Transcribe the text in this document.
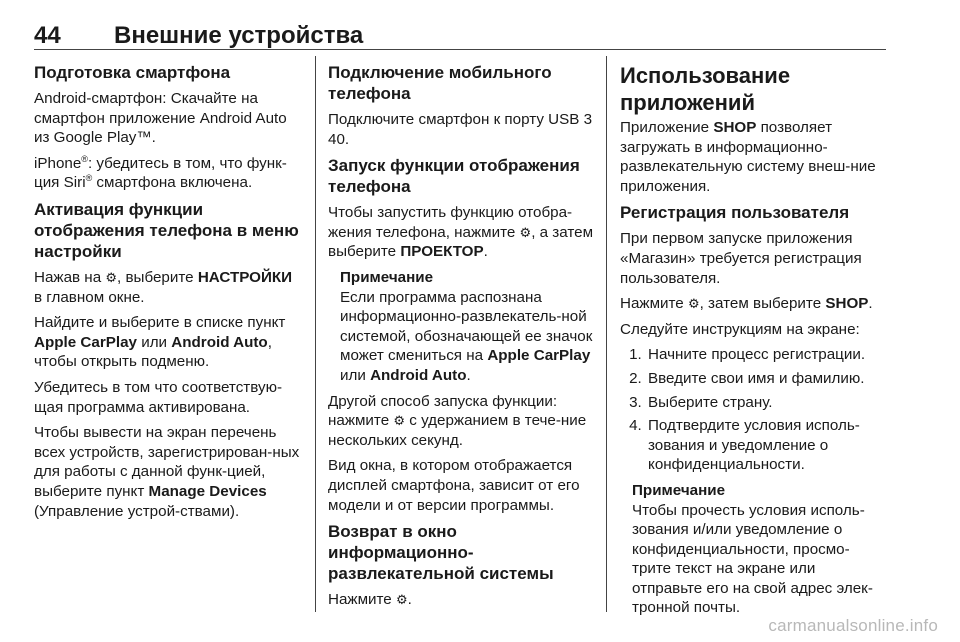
44 Внешние устройства
Подготовка смартфона

Android-смартфон: Скачайте на смартфон приложение Android Auto из Google Play™.

iPhone®: убедитесь в том, что функ-ция Siri® смартфона включена.

Активация функции отображения телефона в меню настройки

Нажав на ⚙, выберите НАСТРОЙКИ в главном окне.

Найдите и выберите в списке пункт Apple CarPlay или Android Auto, чтобы открыть подменю.

Убедитесь в том что соответствую-щая программа активирована.

Чтобы вывести на экран перечень всех устройств, зарегистрирован-ных для работы с данной функ-цией, выберите пункт Manage Devices (Управление устрой-ствами).

Подключение мобильного телефона

Подключите смартфон к порту USB 3 40.

Запуск функции отображения телефона

Чтобы запустить функцию отобра-жения телефона, нажмите ⚙, а затем выберите ПРОЕКТОР.

Примечание
Если программа распознана информационно-развлекатель-ной системой, обозначающей ее значок может смениться на Apple CarPlay или Android Auto.

Другой способ запуска функции: нажмите ⚙ с удержанием в тече-ние нескольких секунд.

Вид окна, в котором отображается дисплей смартфона, зависит от его модели и от версии программы.

Возврат в окно информационно-развлекательной системы

Нажмите ⚙.

Использование приложений

Приложение SHOP позволяет загружать в информационно-развлекательную систему внеш-ние приложения.

Регистрация пользователя

При первом запуске приложения «Магазин» требуется регистрация пользователя.

Нажмите ⚙, затем выберите SHOP.

Следуйте инструкциям на экране:

1. Начните процесс регистрации.
2. Введите свои имя и фамилию.
3. Выберите страну.
4. Подтвердите условия исполь-зования и уведомление о конфиденциальности.
Примечание
Чтобы прочесть условия исполь-зования и/или уведомление о конфиденциальности, просмо-трите текст на экране или отправьте его на свой адрес элек-тронной почты.
carmanualsonline.info
